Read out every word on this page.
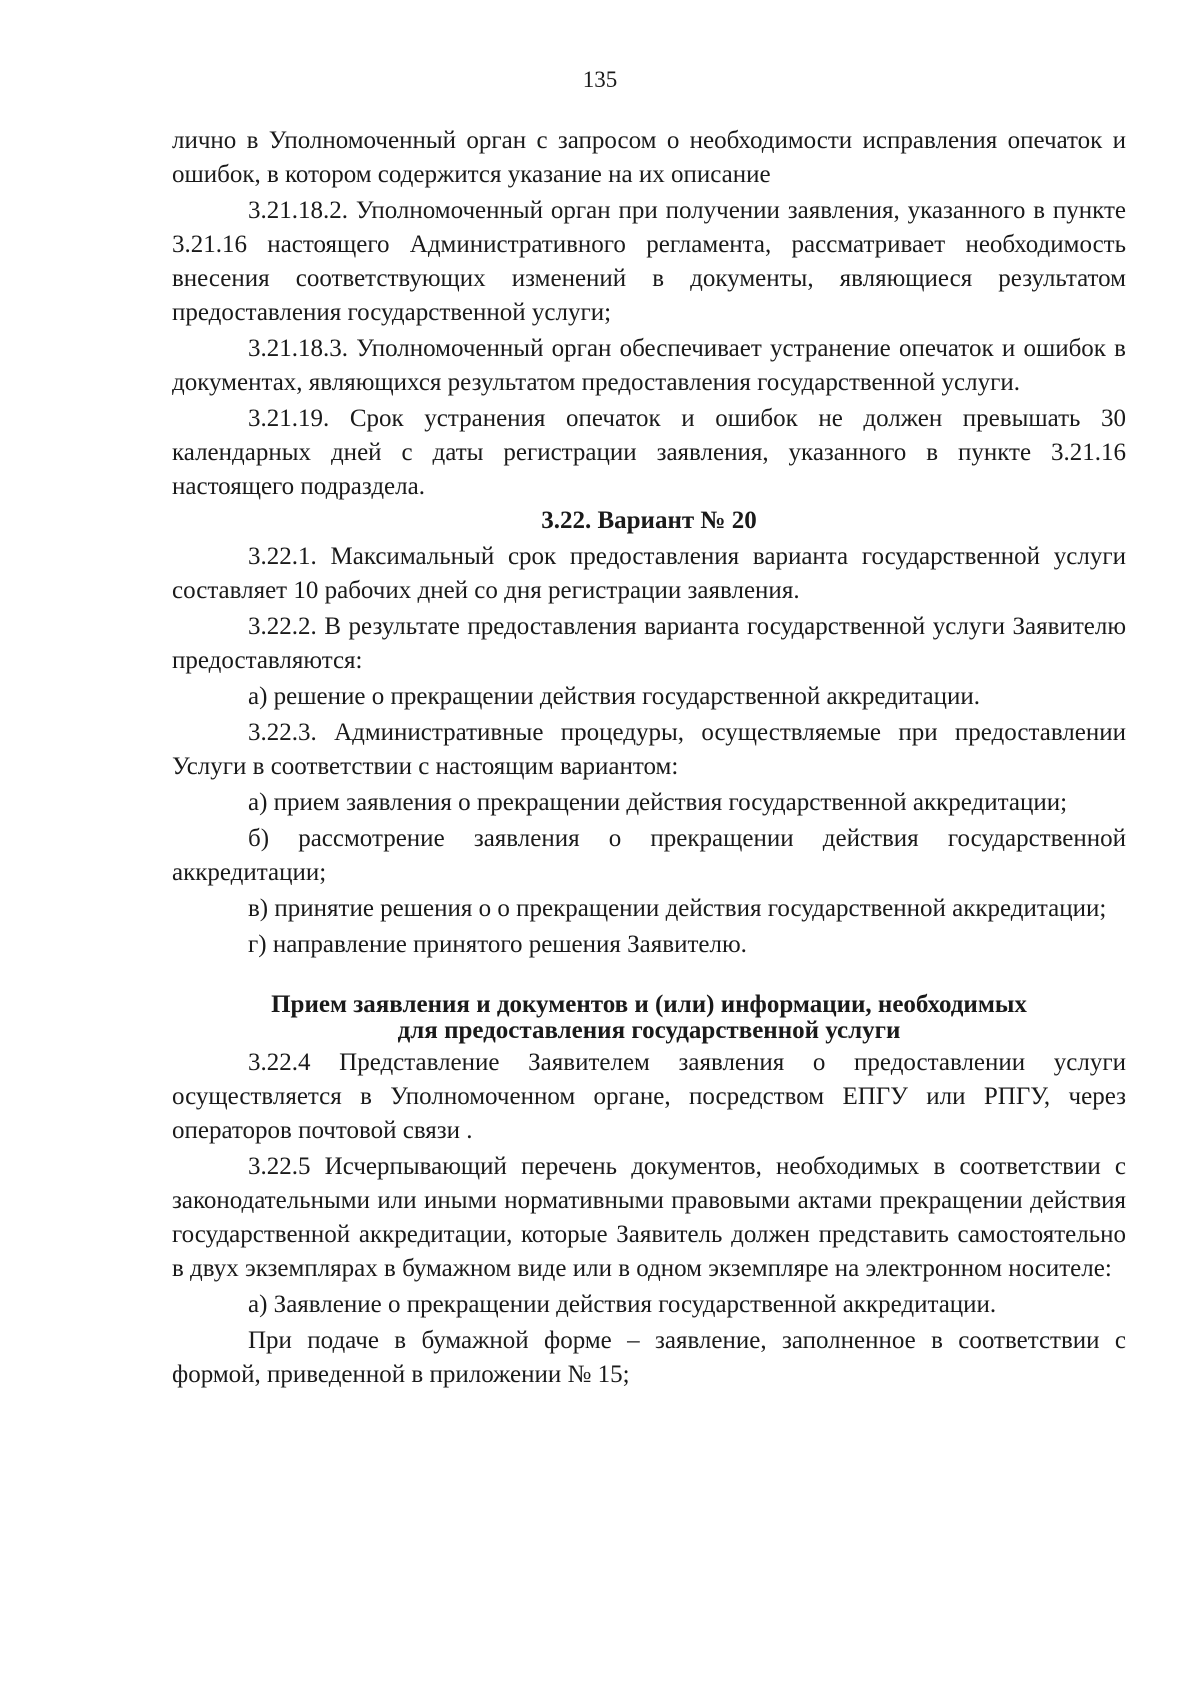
135

лично в Уполномоченный орган с запросом о необходимости исправления опечаток и ошибок, в котором содержится указание на их описание

3.21.18.2. Уполномоченный орган при получении заявления, указанного в пункте 3.21.16 настоящего Административного регламента, рассматривает необходимость внесения соответствующих изменений в документы, являющиеся результатом предоставления государственной услуги;

3.21.18.3. Уполномоченный орган обеспечивает устранение опечаток и ошибок в документах, являющихся результатом предоставления государственной услуги.

3.21.19. Срок устранения опечаток и ошибок не должен превышать 30 календарных дней с даты регистрации заявления, указанного в пункте 3.21.16 настоящего подраздела.

3.22. Вариант № 20

3.22.1. Максимальный срок предоставления варианта государственной услуги составляет 10 рабочих дней со дня регистрации заявления.

3.22.2. В результате предоставления варианта государственной услуги Заявителю предоставляются:

а) решение о прекращении действия государственной аккредитации.

3.22.3. Административные процедуры, осуществляемые при предоставлении Услуги в соответствии с настоящим вариантом:

а) прием заявления о прекращении действия государственной аккредитации;

б) рассмотрение заявления о прекращении действия государственной аккредитации;

в) принятие решения о о прекращении действия государственной аккредитации;

г) направление принятого решения Заявителю.

Прием заявления и документов и (или) информации, необходимых
для предоставления государственной услуги

3.22.4 Представление Заявителем заявления о предоставлении услуги осуществляется в Уполномоченном органе, посредством ЕПГУ или РПГУ, через операторов почтовой связи .

3.22.5 Исчерпывающий перечень документов, необходимых в соответствии с законодательными или иными нормативными правовыми актами прекращении действия государственной аккредитации, которые Заявитель должен представить самостоятельно в двух экземплярах в бумажном виде или в одном экземпляре на электронном носителе:

а) Заявление о прекращении действия государственной аккредитации.

При подаче в бумажной форме – заявление, заполненное в соответствии с формой, приведенной в приложении № 15;
